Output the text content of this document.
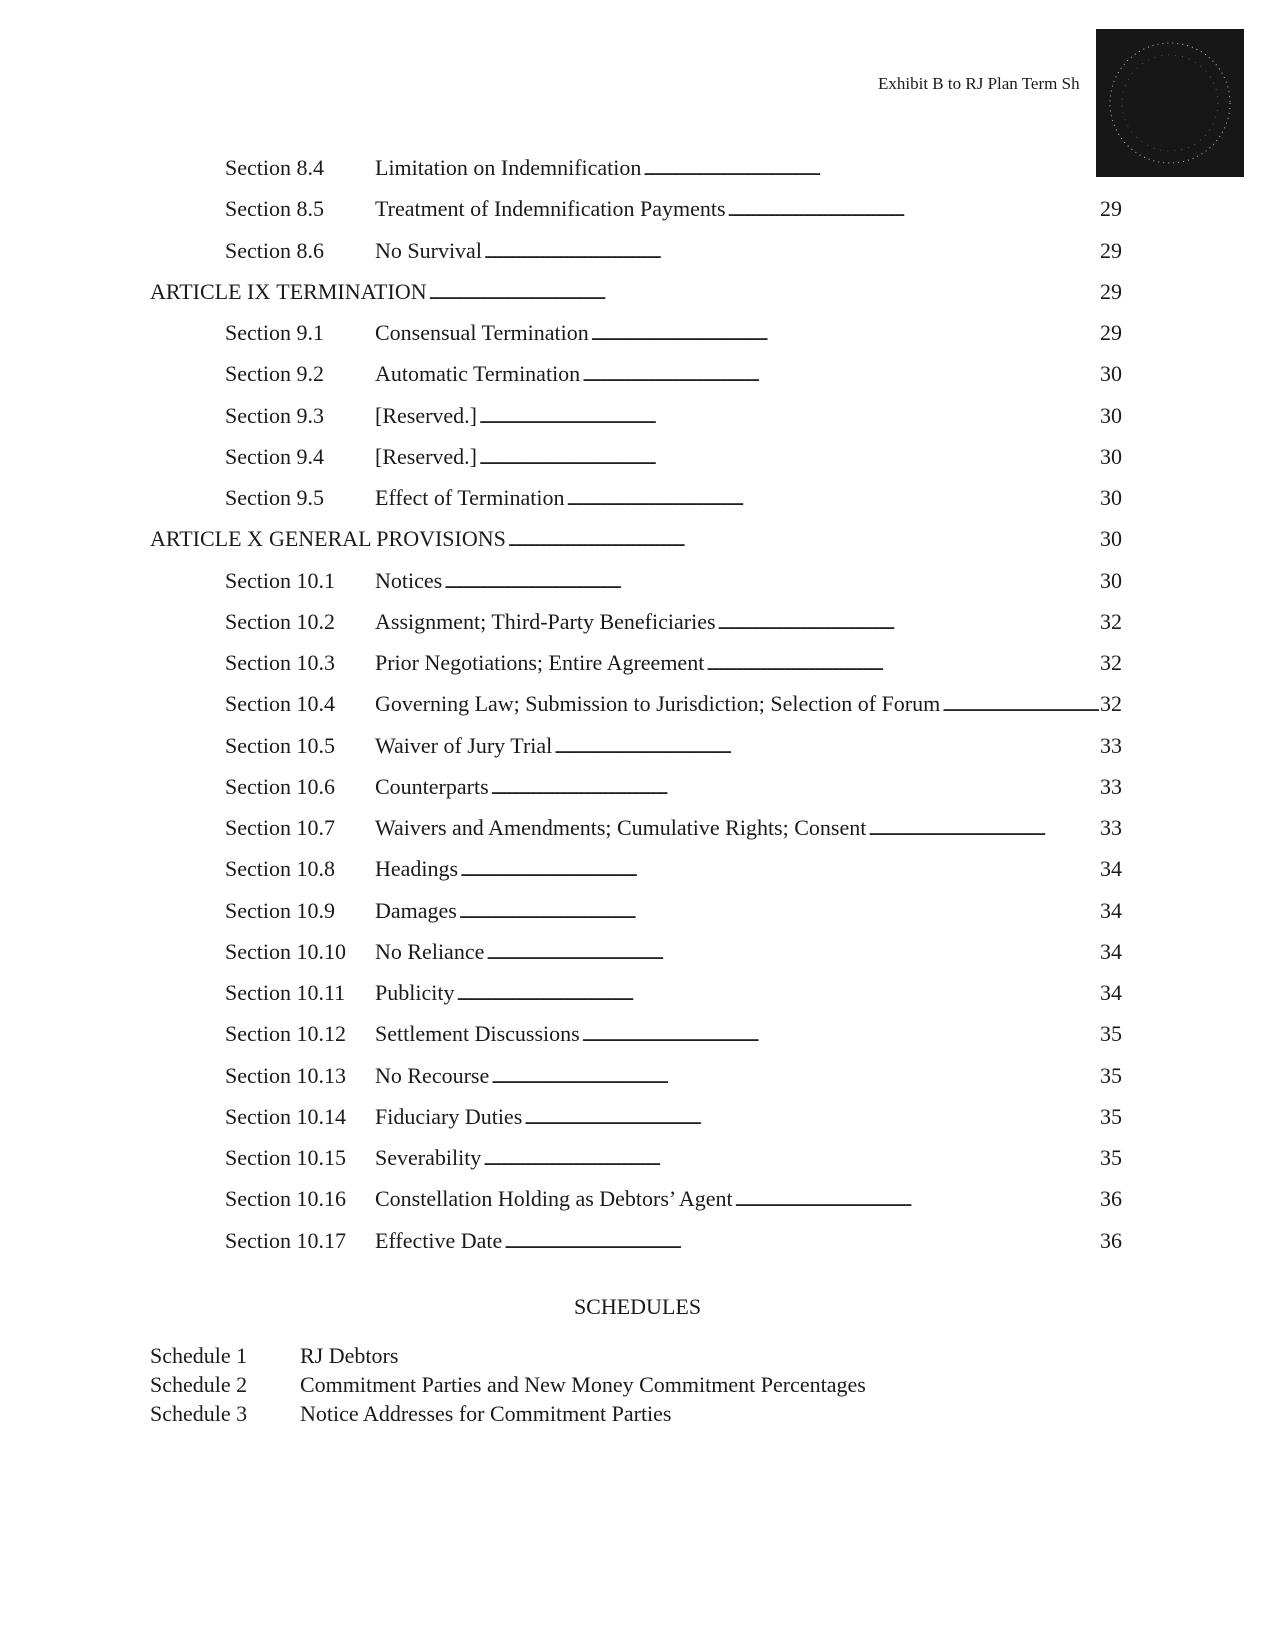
Exhibit B to RJ Plan Term Sh
Section 8.4	Limitation on Indemnification
. . .
Section 8.5	Treatment of Indemnification Payments . . .	29
Section 8.6	No Survival . . .	29
ARTICLE IX TERMINATION . . .	29
Section 9.1	Consensual Termination . . .	29
Section 9.2	Automatic Termination . . .	30
Section 9.3	[Reserved.] . . .	30
Section 9.4	[Reserved.] . . .	30
Section 9.5	Effect of Termination . . .	30
ARTICLE X GENERAL PROVISIONS . . .	30
Section 10.1	Notices . . .	30
Section 10.2	Assignment; Third-Party Beneficiaries . . .	32
Section 10.3	Prior Negotiations; Entire Agreement . . .	32
Section 10.4	Governing Law; Submission to Jurisdiction; Selection of Forum . . .	32
Section 10.5	Waiver of Jury Trial . . .	33
Section 10.6	Counterparts . . .	33
Section 10.7	Waivers and Amendments; Cumulative Rights; Consent . . .	33
Section 10.8	Headings . . .	34
Section 10.9	Damages . . .	34
Section 10.10	No Reliance . . .	34
Section 10.11	Publicity . . .	34
Section 10.12	Settlement Discussions . . .	35
Section 10.13	No Recourse . . .	35
Section 10.14	Fiduciary Duties . . .	35
Section 10.15	Severability . . .	35
Section 10.16	Constellation Holding as Debtors’ Agent . . .	36
Section 10.17	Effective Date . . .	36
SCHEDULES
Schedule 1 RJ Debtors
Schedule 2 Commitment Parties and New Money Commitment Percentages
Schedule 3 Notice Addresses for Commitment Parties
